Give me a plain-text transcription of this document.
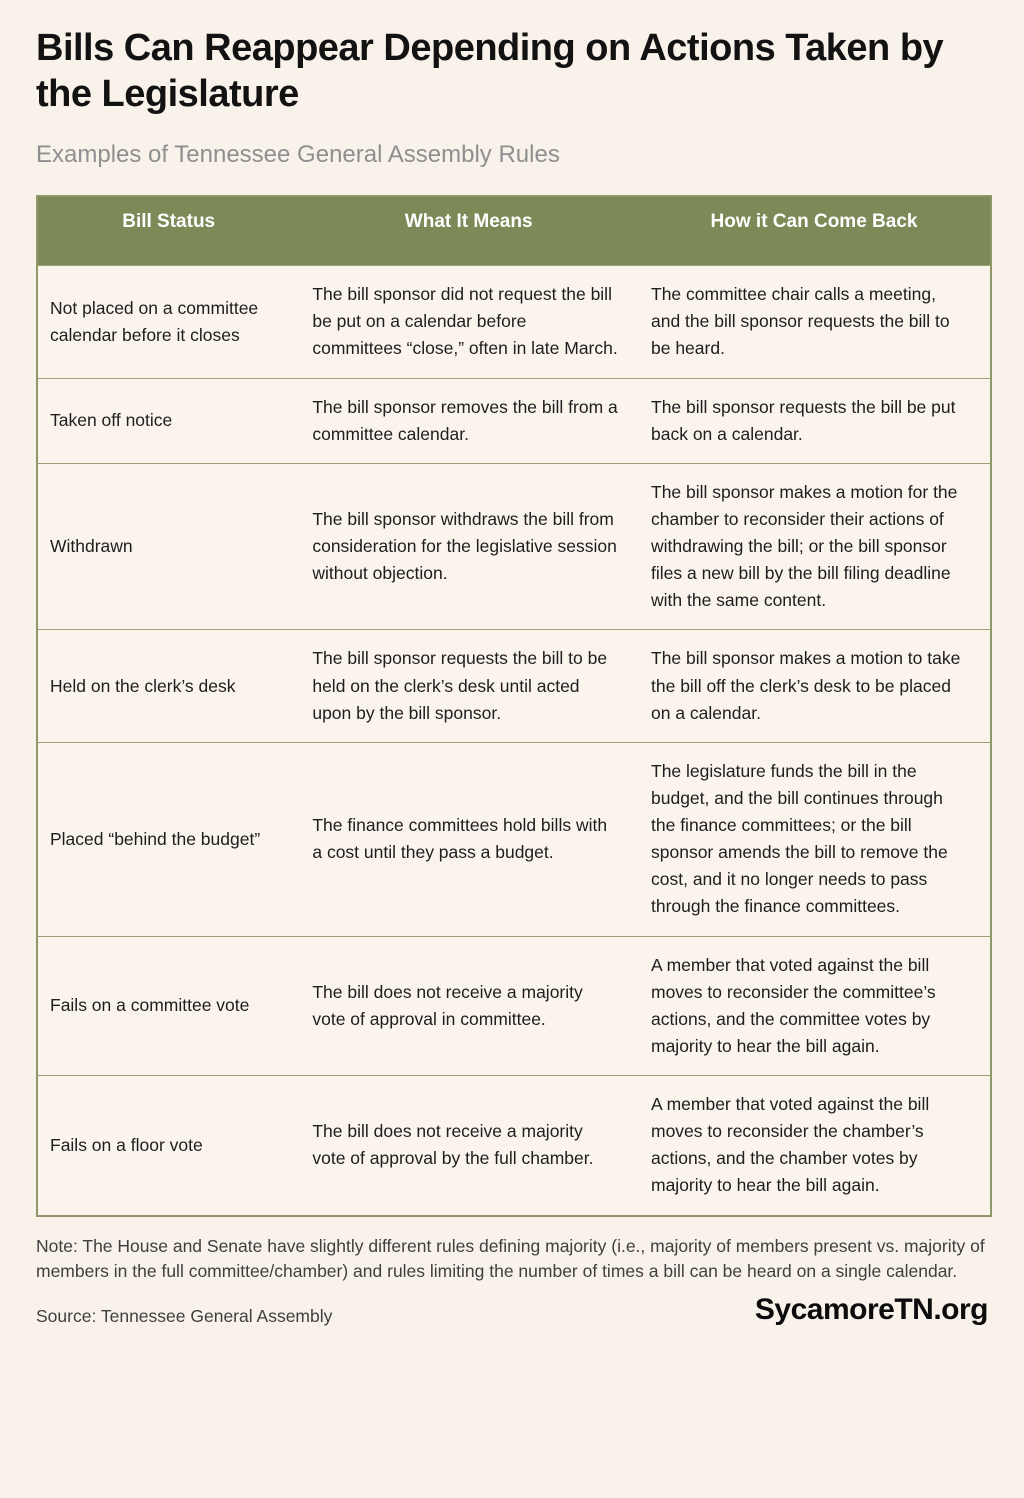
Bills Can Reappear Depending on Actions Taken by the Legislature
Examples of Tennessee General Assembly Rules
Bill Status	What It Means	How it Can Come Back
Not placed on a committee calendar before it closes	The bill sponsor did not request the bill be put on a calendar before committees “close,” often in late March.	The committee chair calls a meeting, and the bill sponsor requests the bill to be heard.
Taken off notice	The bill sponsor removes the bill from a committee calendar.	The bill sponsor requests the bill be put back on a calendar.
Withdrawn	The bill sponsor withdraws the bill from consideration for the legislative session without objection.	The bill sponsor makes a motion for the chamber to reconsider their actions of withdrawing the bill; or the bill sponsor files a new bill by the bill filing deadline with the same content.
Held on the clerk’s desk	The bill sponsor requests the bill to be held on the clerk’s desk until acted upon by the bill sponsor.	The bill sponsor makes a motion to take the bill off the clerk’s desk to be placed on a calendar.
Placed “behind the budget”	The finance committees hold bills with a cost until they pass a budget.	The legislature funds the bill in the budget, and the bill continues through the finance committees; or the bill sponsor amends the bill to remove the cost, and it no longer needs to pass through the finance committees.
Fails on a committee vote	The bill does not receive a majority vote of approval in committee.	A member that voted against the bill moves to reconsider the committee’s actions, and the committee votes by majority to hear the bill again.
Fails on a floor vote	The bill does not receive a majority vote of approval by the full chamber.	A member that voted against the bill moves to reconsider the chamber’s actions, and the chamber votes by majority to hear the bill again.
Note: The House and Senate have slightly different rules defining majority (i.e., majority of members present vs. majority of members in the full committee/chamber) and rules limiting the number of times a bill can be heard on a single calendar.
Source: Tennessee General Assembly	SycamoreTN.org
